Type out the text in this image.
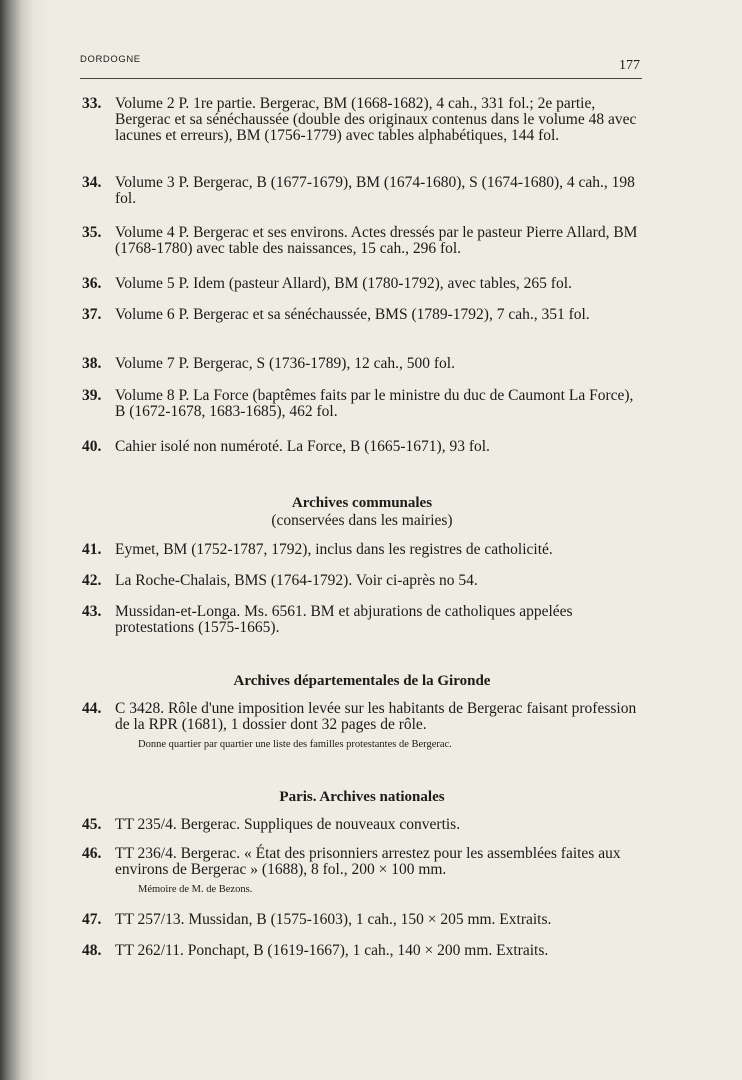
DORDOGNE	177
33. Volume 2 P. 1re partie. Bergerac, BM (1668-1682), 4 cah., 331 fol.; 2e partie, Bergerac et sa sénéchaussée (double des originaux contenus dans le volume 48 avec lacunes et erreurs), BM (1756-1779) avec tables alphabétiques, 144 fol.
34. Volume 3 P. Bergerac, B (1677-1679), BM (1674-1680), S (1674-1680), 4 cah., 198 fol.
35. Volume 4 P. Bergerac et ses environs. Actes dressés par le pasteur Pierre Allard, BM (1768-1780) avec table des naissances, 15 cah., 296 fol.
36. Volume 5 P. Idem (pasteur Allard), BM (1780-1792), avec tables, 265 fol.
37. Volume 6 P. Bergerac et sa sénéchaussée, BMS (1789-1792), 7 cah., 351 fol.
38. Volume 7 P. Bergerac, S (1736-1789), 12 cah., 500 fol.
39. Volume 8 P. La Force (baptêmes faits par le ministre du duc de Caumont La Force), B (1672-1678, 1683-1685), 462 fol.
40. Cahier isolé non numéroté. La Force, B (1665-1671), 93 fol.
Archives communales
(conservées dans les mairies)
41. Eymet, BM (1752-1787, 1792), inclus dans les registres de catholicité.
42. La Roche-Chalais, BMS (1764-1792). Voir ci-après no 54.
43. Mussidan-et-Longa. Ms. 6561. BM et abjurations de catholiques appelées protestations (1575-1665).
Archives départementales de la Gironde
44. C 3428. Rôle d'une imposition levée sur les habitants de Bergerac faisant profession de la RPR (1681), 1 dossier dont 32 pages de rôle.
Donne quartier par quartier une liste des familles protestantes de Bergerac.
Paris. Archives nationales
45. TT 235/4. Bergerac. Suppliques de nouveaux convertis.
46. TT 236/4. Bergerac. « État des prisonniers arrestez pour les assemblées faites aux environs de Bergerac » (1688), 8 fol., 200 × 100 mm.
Mémoire de M. de Bezons.
47. TT 257/13. Mussidan, B (1575-1603), 1 cah., 150 × 205 mm. Extraits.
48. TT 262/11. Ponchapt, B (1619-1667), 1 cah., 140 × 200 mm. Extraits.
